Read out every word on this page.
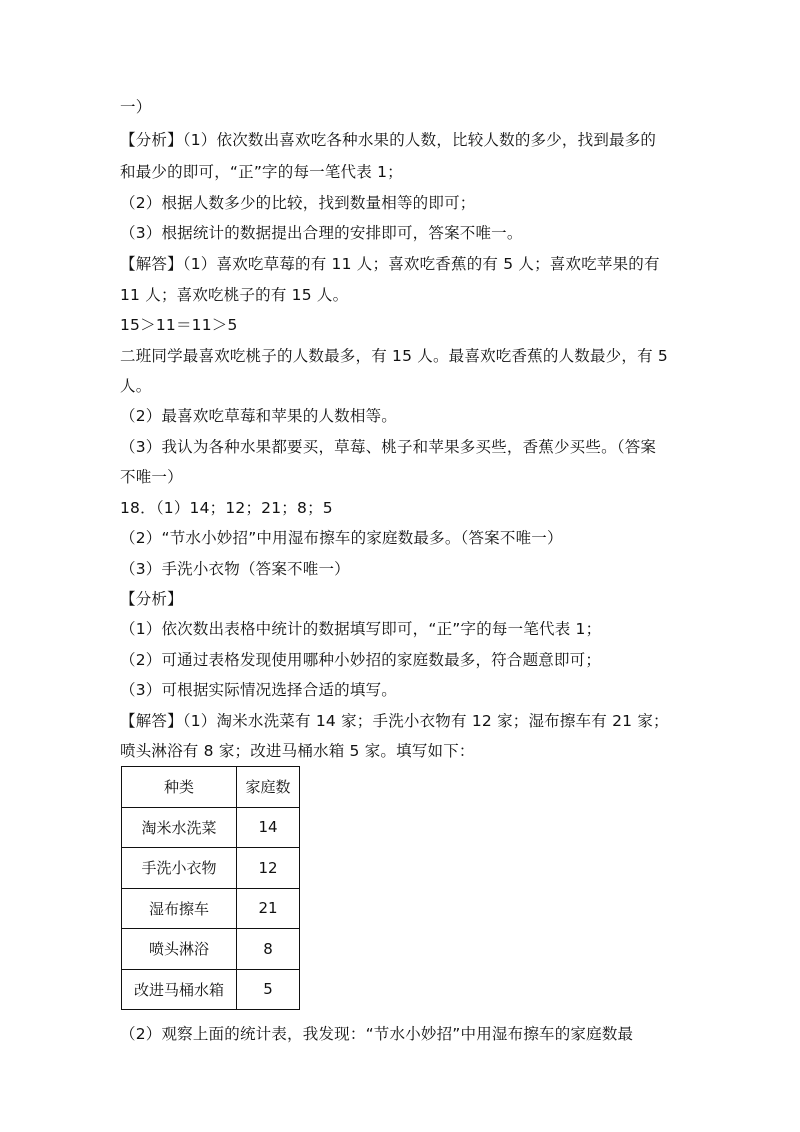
一）
【分析】（1）依次数出喜欢吃各种水果的人数，比较人数的多少，找到最多的
和最少的即可，“正”字的每一笔代表 1；
（2）根据人数多少的比较，找到数量相等的即可；
（3）根据统计的数据提出合理的安排即可，答案不唯一。
【解答】（1）喜欢吃草莓的有 11 人；喜欢吃香蕉的有 5 人；喜欢吃苹果的有
11 人；喜欢吃桃子的有 15 人。
15＞11＝11＞5
二班同学最喜欢吃桃子的人数最多，有 15 人。最喜欢吃香蕉的人数最少，有 5
人。
（2）最喜欢吃草莓和苹果的人数相等。
（3）我认为各种水果都要买，草莓、桃子和苹果多买些，香蕉少买些。（答案
不唯一）
18．（1）14；12；21；8；5
（2）“节水小妙招”中用湿布擦车的家庭数最多。（答案不唯一）
（3）手洗小衣物（答案不唯一）
【分析】
（1）依次数出表格中统计的数据填写即可，“正”字的每一笔代表 1；
（2）可通过表格发现使用哪种小妙招的家庭数最多，符合题意即可；
（3）可根据实际情况选择合适的填写。
【解答】（1）淘米水洗菜有 14 家；手洗小衣物有 12 家；湿布擦车有 21 家；
喷头淋浴有 8 家；改进马桶水箱 5 家。填写如下：
种类	家庭数
淘米水洗菜	14
手洗小衣物	12
湿布擦车	21
喷头淋浴	8
改进马桶水箱	5
（2）观察上面的统计表，我发现：“节水小妙招”中用湿布擦车的家庭数最
